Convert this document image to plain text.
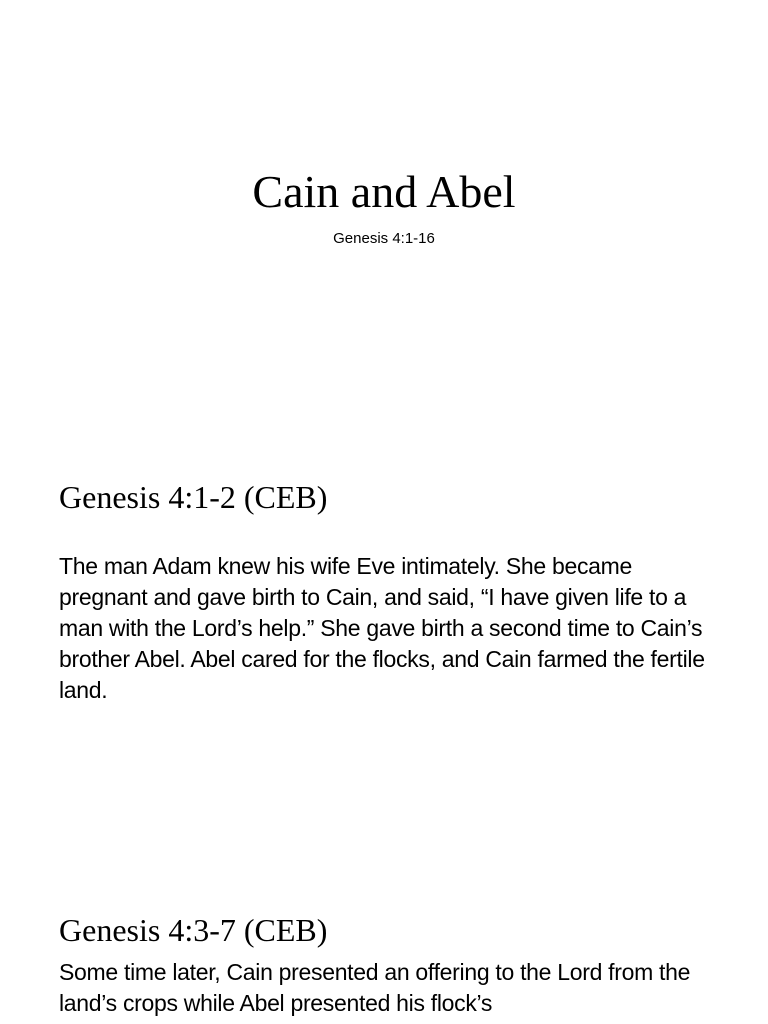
Cain and Abel

Genesis 4:1-16

Genesis 4:1-2 (CEB)

The man Adam knew his wife Eve intimately. She became pregnant and gave birth to Cain, and said, “I have given life to a man with the Lord’s help.” She gave birth a second time to Cain’s brother Abel. Abel cared for the flocks, and Cain farmed the fertile land.

Genesis 4:3-7 (CEB)

Some time later, Cain presented an offering to the Lord from the land’s crops while Abel presented his flock’s
